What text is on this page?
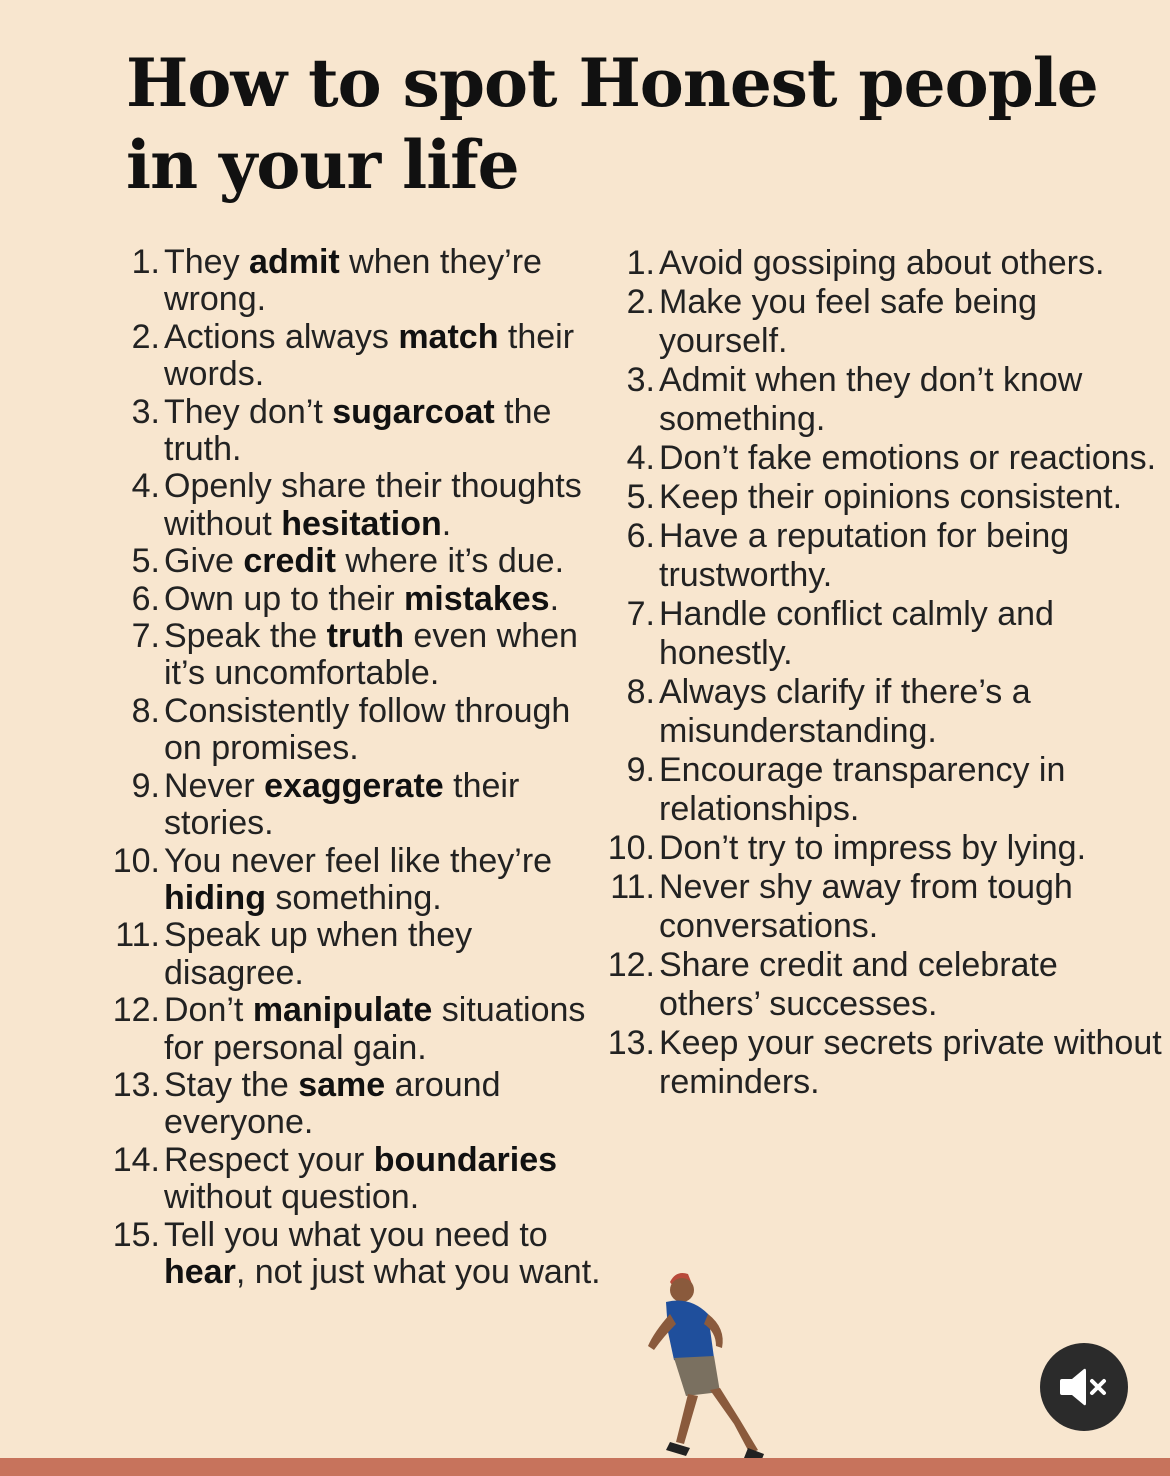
How to spot Honest people
in your life
1. They admit when they’re wrong.
2. Actions always match their words.
3. They don’t sugarcoat the truth.
4. Openly share their thoughts without hesitation.
5. Give credit where it’s due.
6. Own up to their mistakes.
7. Speak the truth even when it’s uncomfortable.
8. Consistently follow through on promises.
9. Never exaggerate their stories.
10. You never feel like they’re hiding something.
11. Speak up when they disagree.
12. Don’t manipulate situations for personal gain.
13. Stay the same around everyone.
14. Respect your boundaries without question.
15. Tell you what you need to hear, not just what you want.
1. Avoid gossiping about others.
2. Make you feel safe being yourself.
3. Admit when they don’t know something.
4. Don’t fake emotions or reactions.
5. Keep their opinions consistent.
6. Have a reputation for being trustworthy.
7. Handle conflict calmly and honestly.
8. Always clarify if there’s a misunderstanding.
9. Encourage transparency in relationships.
10. Don’t try to impress by lying.
11. Never shy away from tough conversations.
12. Share credit and celebrate others’ successes.
13. Keep your secrets private without reminders.
